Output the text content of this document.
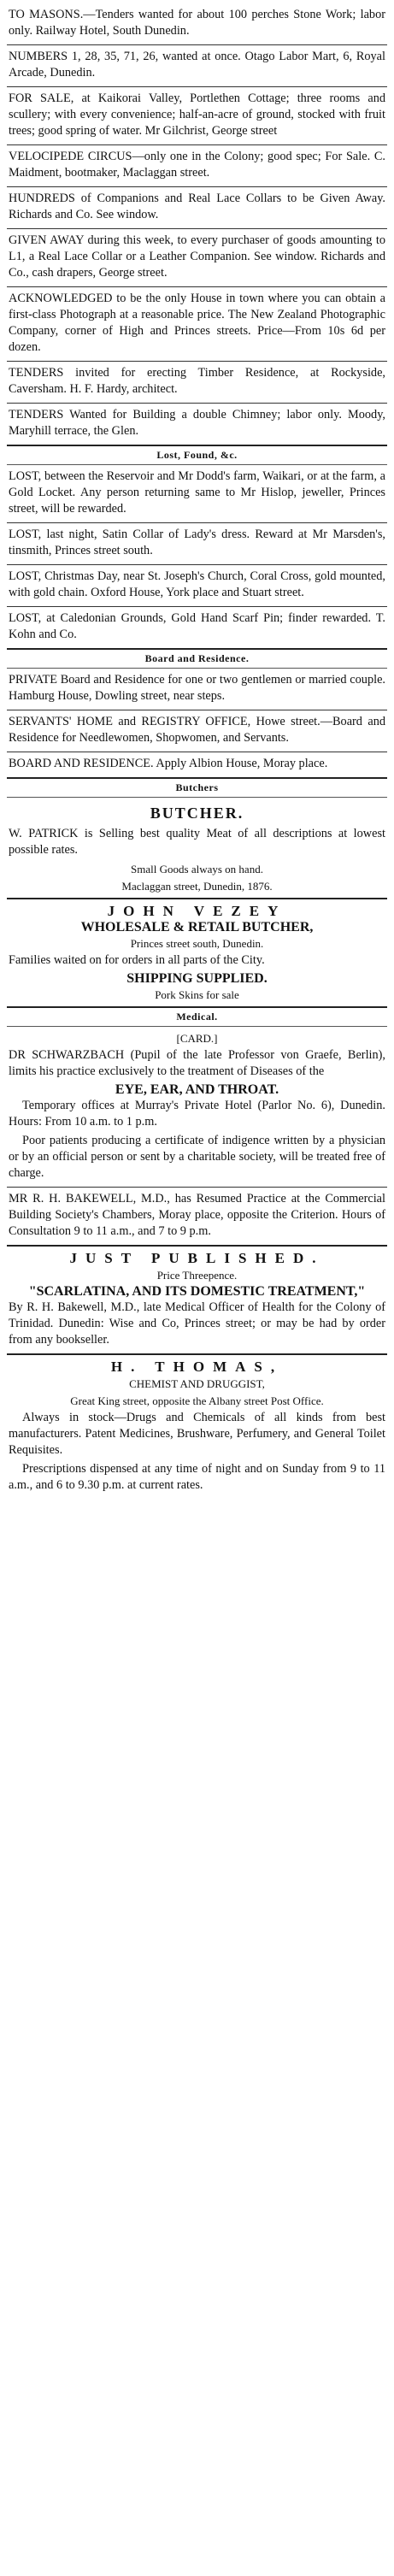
TO MASONS.—Tenders wanted for about 100 perches Stone Work; labor only. Railway Hotel, South Dunedin.
NUMBERS 1, 28, 35, 71, 26, wanted at once. Otago Labor Mart, 6, Royal Arcade, Dunedin.
FOR SALE, at Kaikorai Valley, Portlethen Cottage; three rooms and scullery; with every convenience; half-an-acre of ground, stocked with fruit trees; good spring of water. Mr Gilchrist, George street
VELOCIPEDE CIRCUS—only one in the Colony; good spec; For Sale. C. Maidment, bootmaker, Maclaggan street.
HUNDREDS of Companions and Real Lace Collars to be Given Away. Richards and Co. See window.
GIVEN AWAY during this week, to every purchaser of goods amounting to L1, a Real Lace Collar or a Leather Companion. See window. Richards and Co., cash drapers, George street.
ACKNOWLEDGED to be the only House in town where you can obtain a first-class Photograph at a reasonable price. The New Zealand Photographic Company, corner of High and Princes streets. Price—From 10s 6d per dozen.
TENDERS invited for erecting Timber Residence, at Rockyside, Caversham. H. F. Hardy, architect.
TENDERS Wanted for Building a double Chimney; labor only. Moody, Maryhill terrace, the Glen.
Lost, Found, &c.
LOST, between the Reservoir and Mr Dodd's farm, Waikari, or at the farm, a Gold Locket. Any person returning same to Mr Hislop, jeweller, Princes street, will be rewarded.
LOST, last night, Satin Collar of Lady's dress. Reward at Mr Marsden's, tinsmith, Princes street south.
LOST, Christmas Day, near St. Joseph's Church, Coral Cross, gold mounted, with gold chain. Oxford House, York place and Stuart street.
LOST, at Caledonian Grounds, Gold Hand Scarf Pin; finder rewarded. T. Kohn and Co.
Board and Residence.
PRIVATE Board and Residence for one or two gentlemen or married couple. Hamburg House, Dowling street, near steps.
SERVANTS' HOME and REGISTRY OFFICE, Howe street.—Board and Residence for Needlewomen, Shopwomen, and Servants.
BOARD AND RESIDENCE. Apply Albion House, Moray place.
Butchers
BUTCHER.
W. PATRICK is Selling best quality Meat of all descriptions at lowest possible rates.
Small Goods always on hand.
Maclaggan street, Dunedin, 1876.
JOHN VEZEY
WHOLESALE & RETAIL BUTCHER,
Princes street south, Dunedin.
Families waited on for orders in all parts of the City.
SHIPPING SUPPLIED.
Pork Skins for sale
Medical.
[CARD.]
DR SCHWARZBACH (Pupil of the late Professor von Graefe, Berlin), limits his practice exclusively to the treatment of Diseases of the
EYE, EAR, AND THROAT.
Temporary offices at Murray's Private Hotel (Parlor No. 6), Dunedin. Hours: From 10 a.m. to 1 p.m.
Poor patients producing a certificate of indigence written by a physician or by an official person or sent by a charitable society, will be treated free of charge.
MR R. H. BAKEWELL, M.D., has Resumed Practice at the Commercial Building Society's Chambers, Moray place, opposite the Criterion. Hours of Consultation 9 to 11 a.m., and 7 to 9 p.m.
JUST PUBLISHED.
Price Threepence.
"SCARLATINA, AND ITS DOMESTIC TREATMENT,"
By R. H. Bakewell, M.D., late Medical Officer of Health for the Colony of Trinidad. Dunedin: Wise and Co, Princes street; or may be had by order from any bookseller.
H. THOMAS,
CHEMIST AND DRUGGIST,
Great King street, opposite the Albany street Post Office.
Always in stock—Drugs and Chemicals of all kinds from best manufacturers. Patent Medicines, Brushware, Perfumery, and General Toilet Requisites.
Prescriptions dispensed at any time of night and on Sunday from 9 to 11 a.m., and 6 to 9.30 p.m. at current rates.
